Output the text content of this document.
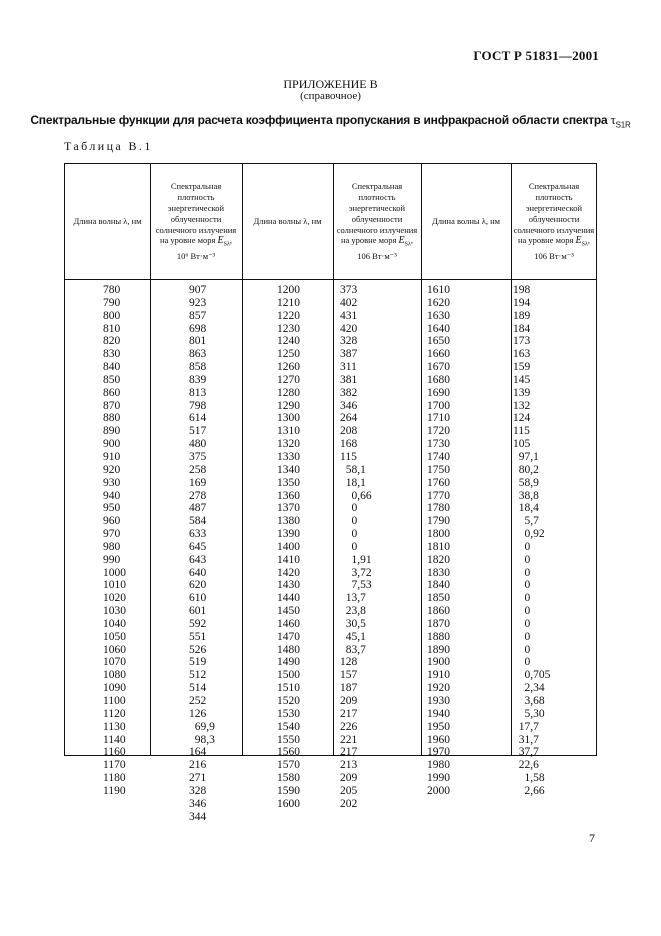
ГОСТ Р 51831—2001
ПРИЛОЖЕНИЕ В
(справочное)
Спектральные функции для расчета коэффициента пропускания в инфракрасной области спектра $\tau_{S1R}$
Таблица В.1
Длина волны λ, нм
Спектральная плотность энергетической облученности солнечного излучения на уровне моря $E_{S\lambda}$,
10⁶ Вт·м⁻³
Длина волны λ, нм
Спектральная плотность энергетической облученности солнечного излучения на уровне моря $E_{S\lambda}$,
106 Вт·м⁻³
Длина волны λ, нм
Спектральная плотность энергетической облученности солнечного излучения на уровне моря $E_{S\lambda}$,
106 Вт·м⁻³
780
790
800
810
820
830
840
850
860
870
880
890
900
910
920
930
940
950
960
970
980
990
1000
1010
1020
1030
1040
1050
1060
1070
1080
1090
1100
1120
1130
1140
1160
1170
1180
1190
907
923
857
698
801
863
858
839
813
798
614
517
480
375
258
169
278
487
584
633
645
643
640
620
610
601
592
551
526
519
512
514
252
126
69,9
98,3
164
216
271
328
346
344
1200
1210
1220
1230
1240
1250
1260
1270
1280
1290
1300
1310
1320
1330
1340
1350
1360
1370
1380
1390
1400
1410
1420
1430
1440
1450
1460
1470
1480
1490
1500
1510
1520
1530
1540
1550
1560
1570
1580
1590
1600
373
402
431
420
328
387
311
381
382
346
264
208
168
115
58,1
18,1
0,66
0
0
0
0
1,91
3,72
7,53
13,7
23,8
30,5
45,1
83,7
128
157
187
209
217
226
221
217
213
209
205
202
1610
1620
1630
1640
1650
1660
1670
1680
1690
1700
1710
1720
1730
1740
1750
1760
1770
1780
1790
1800
1810
1820
1830
1840
1850
1860
1870
1880
1890
1900
1910
1920
1930
1940
1950
1960
1970
1980
1990
2000
198
194
189
184
173
163
159
145
139
132
124
115
105
97,1
80,2
58,9
38,8
18,4
5,7
0,92
0
0
0
0
0
0
0
0
0
0
0,705
2,34
3,68
5,30
17,7
31,7
37,7
22,6
1,58
2,66
7
